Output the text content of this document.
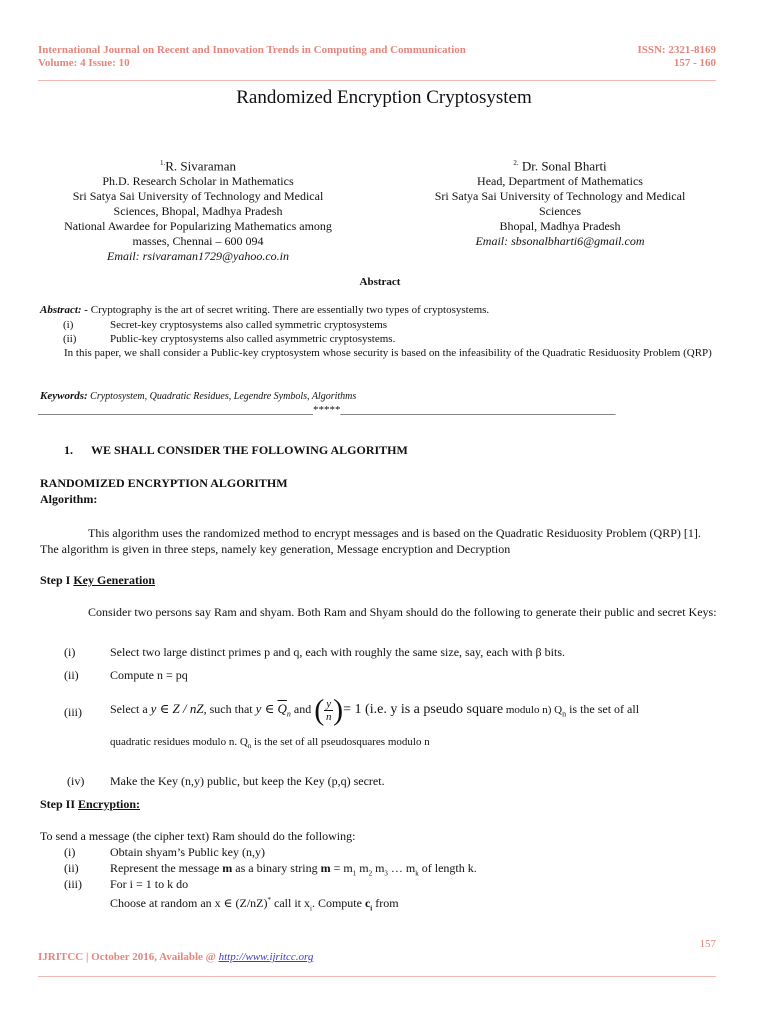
International Journal on Recent and Innovation Trends in Computing and Communication
Volume: 4 Issue: 10
ISSN: 2321-8169
157 - 160
Randomized Encryption Cryptosystem
$^{1.}$R. Sivaraman
Ph.D. Research Scholar in Mathematics
Sri Satya Sai University of Technology and Medical
Sciences, Bhopal, Madhya Pradesh
National Awardee for Popularizing Mathematics among
masses, Chennai – 600 094
Email: rsivaraman1729@yahoo.co.in
$^{2.}$ Dr. Sonal Bharti
Head, Department of Mathematics
Sri Satya Sai University of Technology and Medical
Sciences
Bhopal, Madhya Pradesh
Email: sbsonalbharti6@gmail.com
Abstract
Abstract: - Cryptography is the art of secret writing. There are essentially two types of cryptosystems.
(i)	Secret-key cryptosystems also called symmetric cryptosystems
(ii)	Public-key cryptosystems also called asymmetric cryptosystems.
In this paper, we shall consider a Public-key cryptosystem whose security is based on the infeasibility of the Quadratic Residuosity Problem (QRP)
Keywords: Cryptosystem, Quadratic Residues, Legendre Symbols, Algorithms
__________________________________________________*****__________________________________________________
1. WE SHALL CONSIDER THE FOLLOWING ALGORITHM
RANDOMIZED ENCRYPTION ALGORITHM
Algorithm:
This algorithm uses the randomized method to encrypt messages and is based on the Quadratic Residuosity Problem (QRP) [1]. The algorithm is given in three steps, namely key generation, Message encryption and Decryption
Step I Key Generation
Consider two persons say Ram and shyam. Both Ram and Shyam should do the following to generate their public and secret Keys:
(i)	Select two large distinct primes p and q, each with roughly the same size, say, each with β bits.
(ii)	Compute n = pq
(iii) Select a y ∈ Z / nZ, such that y ∈ $\overline{Q}_n$ and ( $\frac{y}{n}$ )= 1 (i.e. y is a pseudo square modulo n) $Q_n$ is the set of all
quadratic residues modulo n. $Q_n$ is the set of all pseudosquares modulo n
(iv) Make the Key (n,y) public, but keep the Key (p,q) secret.
Step II Encryption:
To send a message (the cipher text) Ram should do the following:
(i)	Obtain shyam’s Public key (n,y)
(ii)	Represent the message m as a binary string $m = m_1$ $m_2$ $m_3$ … $m_k$ of length k.
(iii) For i = 1 to k do
Choose at random an x ∈ (Z/nZ)* call it $x_i$. Compute $c_i$ from
157
IJRITCC | October 2016, Available @ http://www.ijritcc.org
